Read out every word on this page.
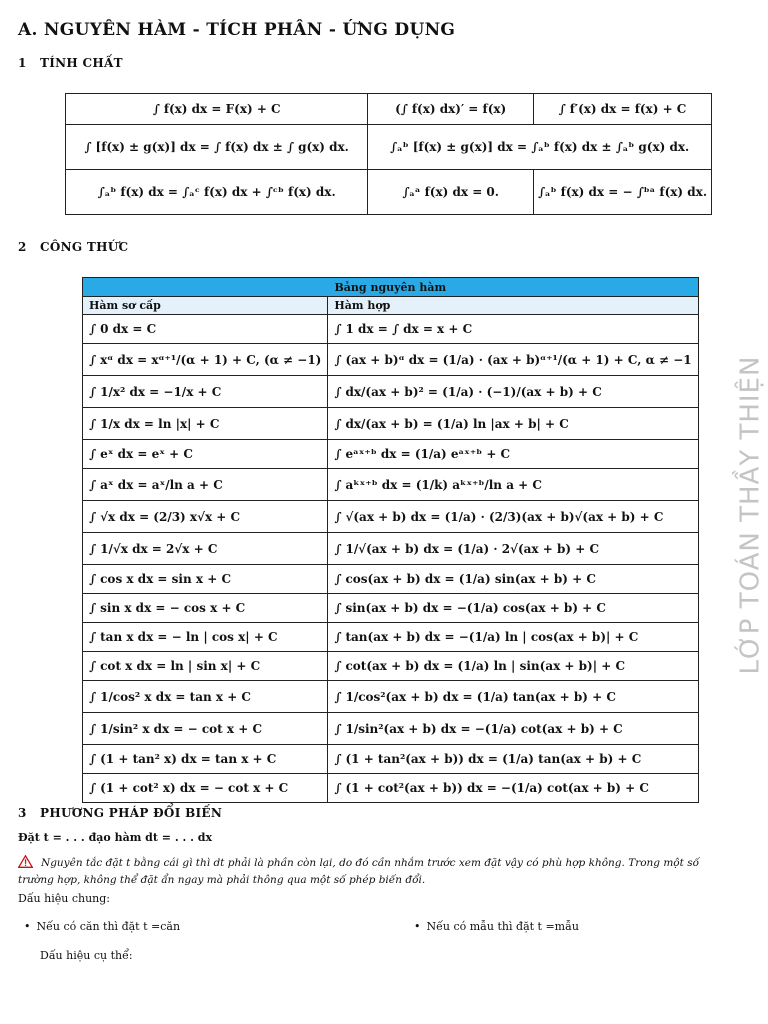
A. NGUYÊN HÀM - TÍCH PHÂN - ỨNG DỤNG
1 TÍNH CHẤT
∫ f(x) dx = F(x) + C	(∫ f(x) dx)′ = f(x)	∫ f′(x) dx = f(x) + C
∫ [f(x) ± g(x)] dx = ∫ f(x) dx ± ∫ g(x) dx.	∫ₐᵇ [f(x) ± g(x)] dx = ∫ₐᵇ f(x) dx ± ∫ₐᵇ g(x) dx.	
∫ₐᵇ f(x) dx = ∫ₐᶜ f(x) dx + ∫ᶜᵇ f(x) dx.	∫ₐᵃ f(x) dx = 0.	∫ₐᵇ f(x) dx = − ∫ᵇᵃ f(x) dx.
2 CÔNG THỨC
Bảng nguyên hàm	
Hàm sơ cấp	Hàm hợp
∫ 0 dx = C	∫ 1 dx = ∫ dx = x + C
∫ xᵅ dx = xᵅ⁺¹/(α + 1) + C, (α ≠ −1)	∫ (ax + b)ᵅ dx = (1/a) · (ax + b)ᵅ⁺¹/(α + 1) + C, α ≠ −1
∫ 1/x² dx = −1/x + C	∫ dx/(ax + b)² = (1/a) · (−1)/(ax + b) + C
∫ 1/x dx = ln |x| + C	∫ dx/(ax + b) = (1/a) ln |ax + b| + C
∫ eˣ dx = eˣ + C	∫ eᵃˣ⁺ᵇ dx = (1/a) eᵃˣ⁺ᵇ + C
∫ aˣ dx = aˣ/ln a + C	∫ aᵏˣ⁺ᵇ dx = (1/k) aᵏˣ⁺ᵇ/ln a + C
∫ √x dx = (2/3) x√x + C	∫ √(ax + b) dx = (1/a) · (2/3)(ax + b)√(ax + b) + C
∫ 1/√x dx = 2√x + C	∫ 1/√(ax + b) dx = (1/a) · 2√(ax + b) + C
∫ cos x dx = sin x + C	∫ cos(ax + b) dx = (1/a) sin(ax + b) + C
∫ sin x dx = − cos x + C	∫ sin(ax + b) dx = −(1/a) cos(ax + b) + C
∫ tan x dx = − ln | cos x| + C	∫ tan(ax + b) dx = −(1/a) ln | cos(ax + b)| + C
∫ cot x dx = ln | sin x| + C	∫ cot(ax + b) dx = (1/a) ln | sin(ax + b)| + C
∫ 1/cos² x dx = tan x + C	∫ 1/cos²(ax + b) dx = (1/a) tan(ax + b) + C
∫ 1/sin² x dx = − cot x + C	∫ 1/sin²(ax + b) dx = −(1/a) cot(ax + b) + C
∫ (1 + tan² x) dx = tan x + C	∫ (1 + tan²(ax + b)) dx = (1/a) tan(ax + b) + C
∫ (1 + cot² x) dx = − cot x + C	∫ (1 + cot²(ax + b)) dx = −(1/a) cot(ax + b) + C
LỚP TOÁN THẦY THIỆN
3 PHƯƠNG PHÁP ĐỔI BIẾN
Đặt t = . . . đạo hàm dt = . . . dx
Nguyên tắc đặt t bằng cái gì thì dt phải là phần còn lại, do đó cần nhắm trước xem đặt vậy có phù hợp không. Trong một số trường hợp, không thể đặt ẩn ngay mà phải thông qua một số phép biến đổi.
Dấu hiệu chung:
• Nếu có căn thì đặt t =căn	• Nếu có mẫu thì đặt t =mẫu
Dấu hiệu cụ thể:
